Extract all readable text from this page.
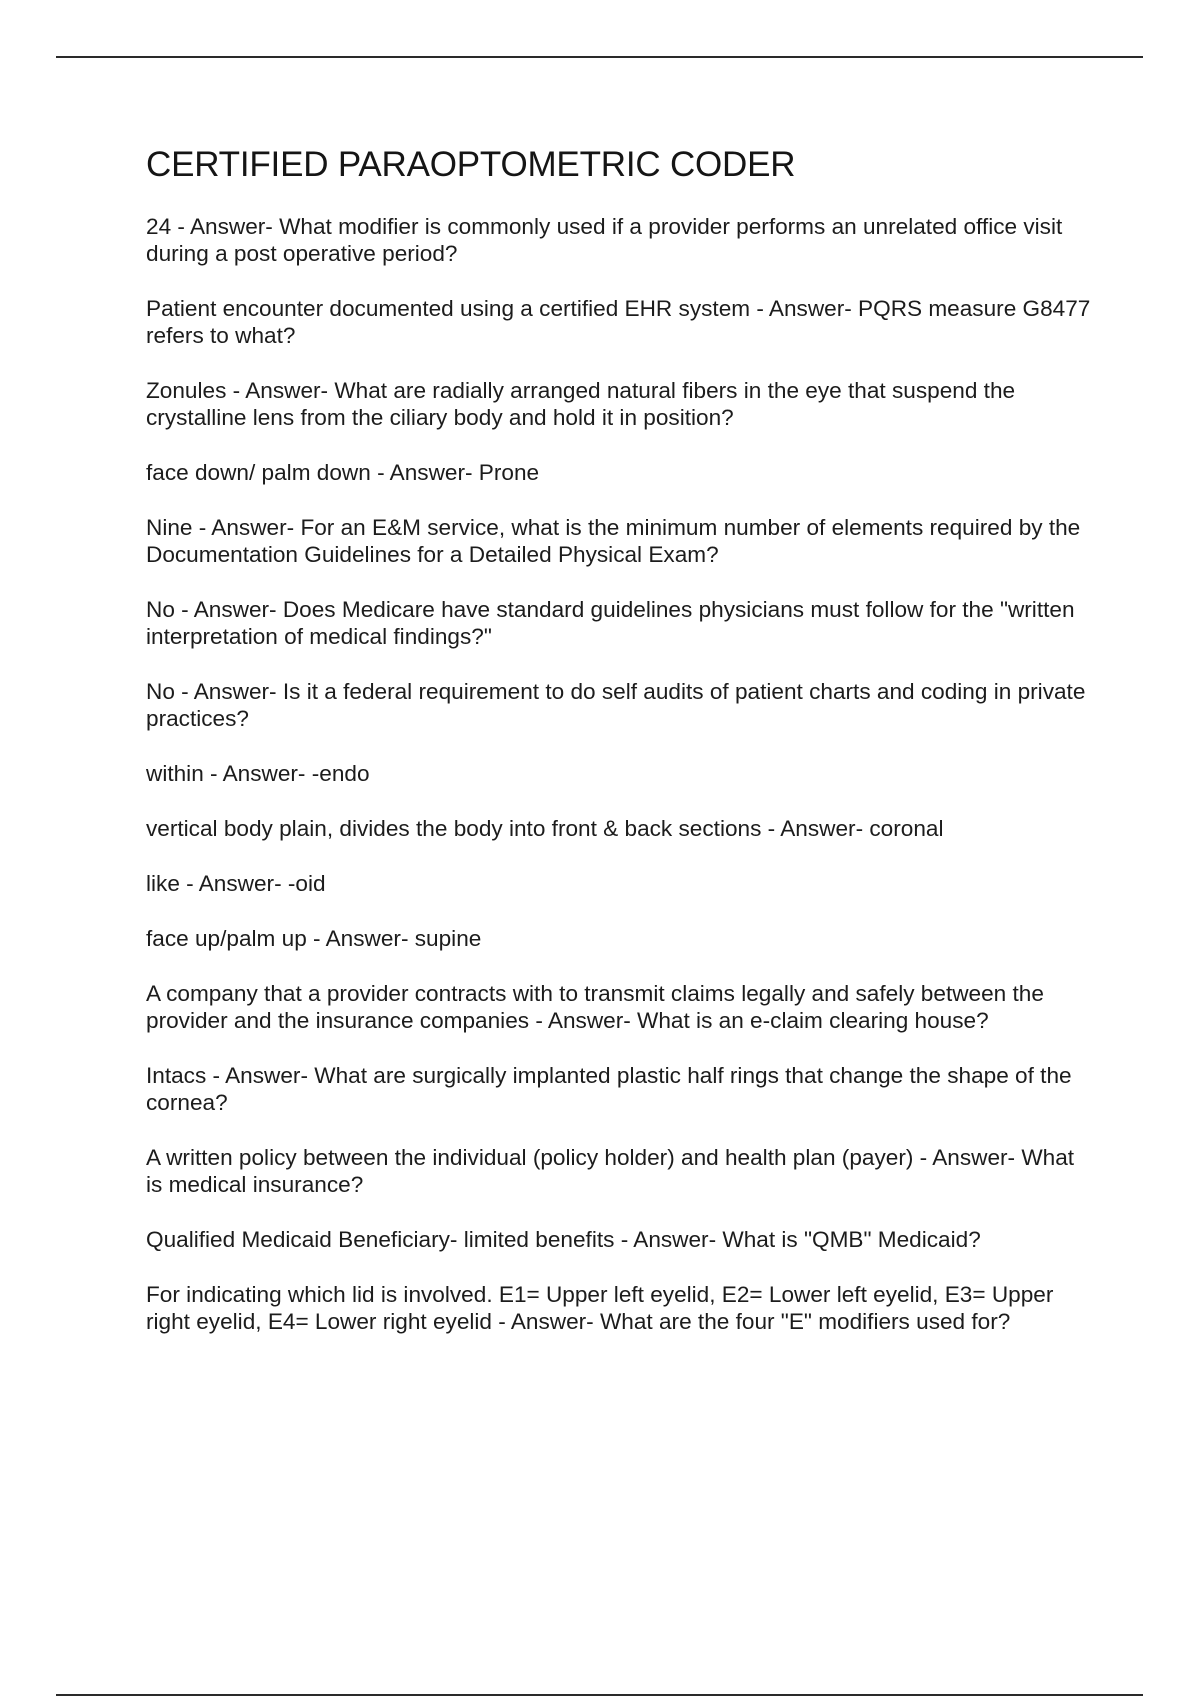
CERTIFIED PARAOPTOMETRIC CODER
24 - Answer- What modifier is commonly used if a provider performs an unrelated office visit during a post operative period?
Patient encounter documented using a certified EHR system - Answer- PQRS measure G8477 refers to what?
Zonules - Answer- What are radially arranged natural fibers in the eye that suspend the crystalline lens from the ciliary body and hold it in position?
face down/ palm down - Answer- Prone
Nine - Answer- For an E&M service, what is the minimum number of elements required by the Documentation Guidelines for a Detailed Physical Exam?
No - Answer- Does Medicare have standard guidelines physicians must follow for the "written interpretation of medical findings?"
No - Answer- Is it a federal requirement to do self audits of patient charts and coding in private practices?
within - Answer- -endo
vertical body plain, divides the body into front & back sections - Answer- coronal
like - Answer- -oid
face up/palm up - Answer- supine
A company that a provider contracts with to transmit claims legally and safely between the provider and the insurance companies - Answer- What is an e-claim clearing house?
Intacs - Answer- What are surgically implanted plastic half rings that change the shape of the cornea?
A written policy between the individual (policy holder) and health plan (payer) - Answer- What is medical insurance?
Qualified Medicaid Beneficiary- limited benefits - Answer- What is "QMB" Medicaid?
For indicating which lid is involved. E1= Upper left eyelid, E2= Lower left eyelid, E3= Upper right eyelid, E4= Lower right eyelid - Answer- What are the four "E" modifiers used for?
